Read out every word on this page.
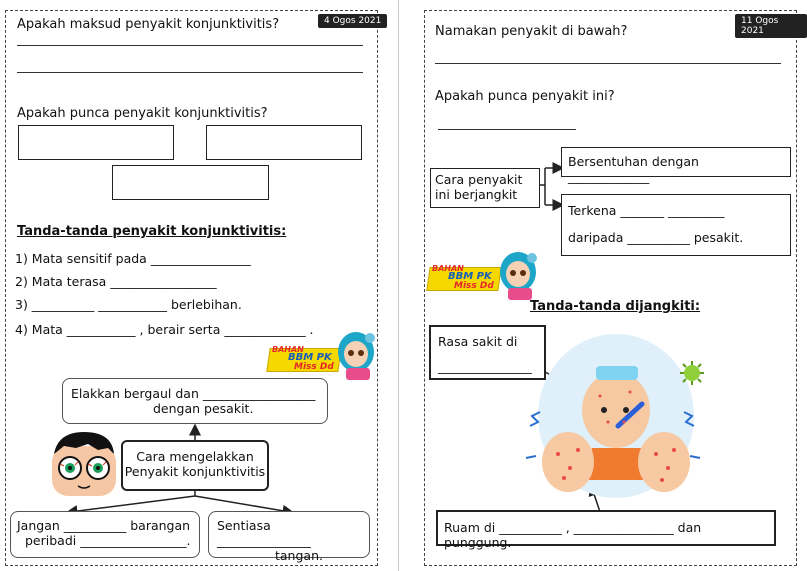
4 Ogos 2021
Apakah maksud penyakit konjunktivitis?
Apakah punca penyakit konjunktivitis?
Tanda-tanda penyakit konjunktivitis:
1) Mata sensitif pada ________________
2) Mata terasa _________________
3) __________ ___________ berlebihan.
4) Mata ___________ , berair serta _____________ .
BAHAN
BBM PK
Miss Dd
Elakkan bergaul dan __________________
dengan pesakit.
Cara mengelakkan
Penyakit konjunktivitis
Jangan __________ barangan
peribadi _________________.
Sentiasa _______________
tangan.
11 Ogos 2021
Namakan penyakit di bawah?
Apakah punca penyakit ini?
Cara penyakit
ini berjangkit
Bersentuhan dengan _____________
Terkena _______ _________
daripada __________ pesakit.
BAHAN
BBM PK
Miss Dd
Tanda-tanda dijangkiti:
Rasa sakit di
_______________
Ruam di __________ , ________________ dan punggung.
